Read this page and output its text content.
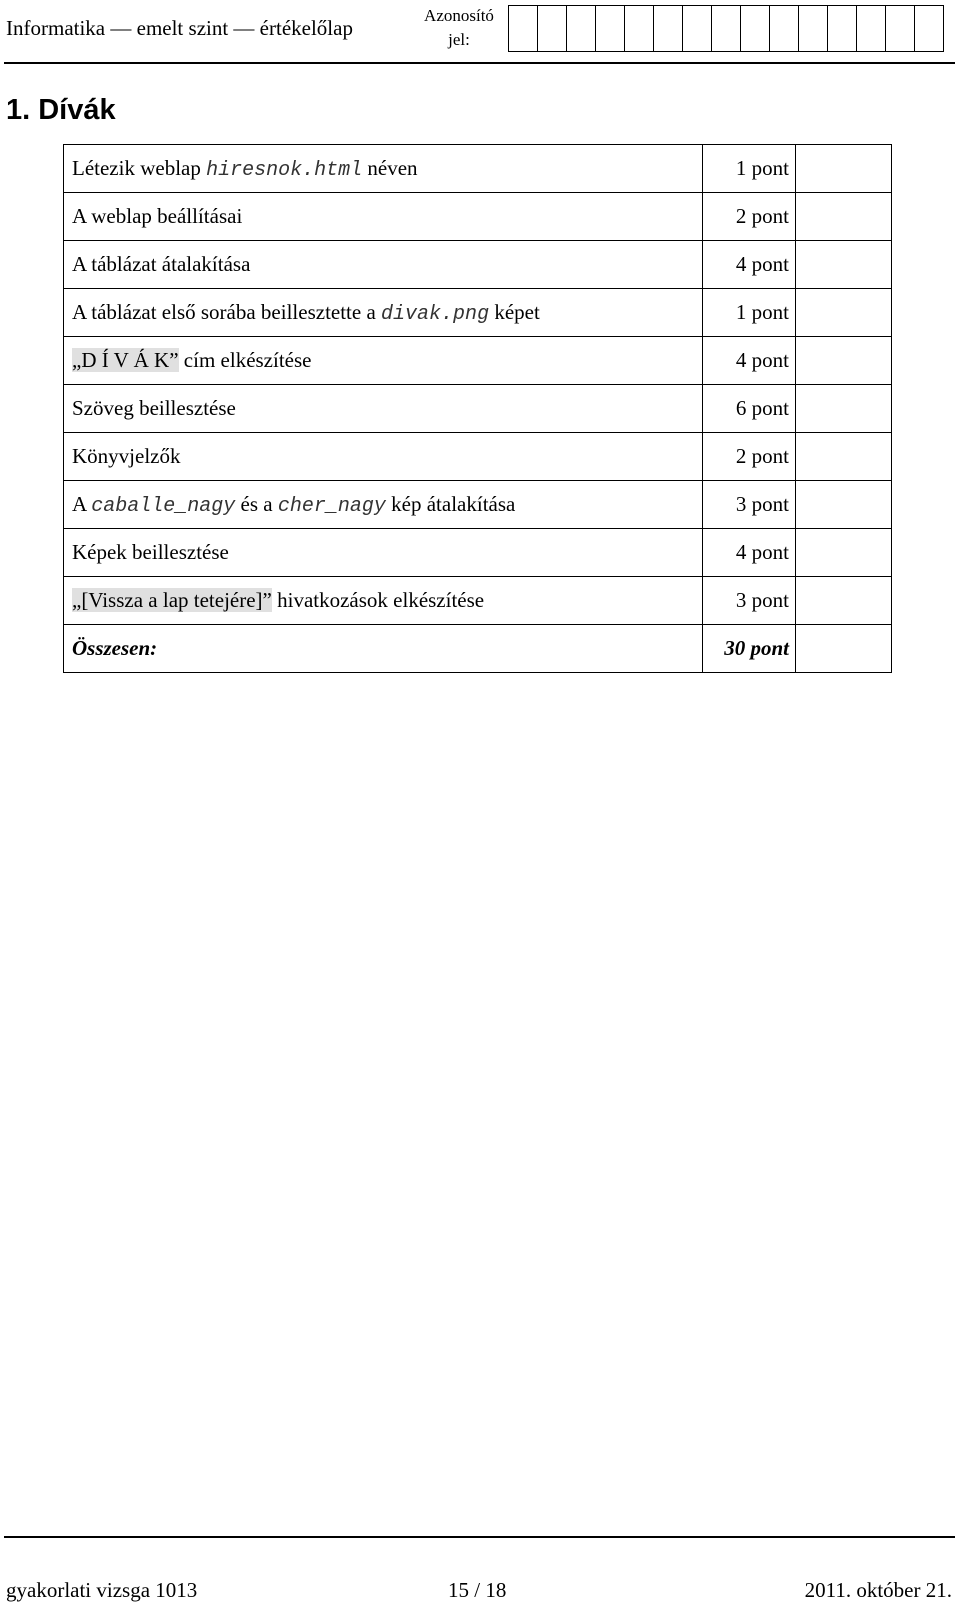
Informatika — emelt szint — értékelőlap
Azonosító
jel:
1. Dívák
Létezik weblap hiresnok.html néven	1 pont	
A weblap beállításai	2 pont	
A táblázat átalakítása	4 pont	
A táblázat első sorába beillesztette a divak.png képet	1 pont	
„D Í V Á K” cím elkészítése	4 pont	
Szöveg beillesztése	6 pont	
Könyvjelzők	2 pont	
A caballe_nagy és a cher_nagy kép átalakítása	3 pont	
Képek beillesztése	4 pont	
„[Vissza a lap tetejére]” hivatkozások elkészítése	3 pont	
Összesen:	30 pont	
gyakorlati vizsga 1013	15 / 18	2011. október 21.
